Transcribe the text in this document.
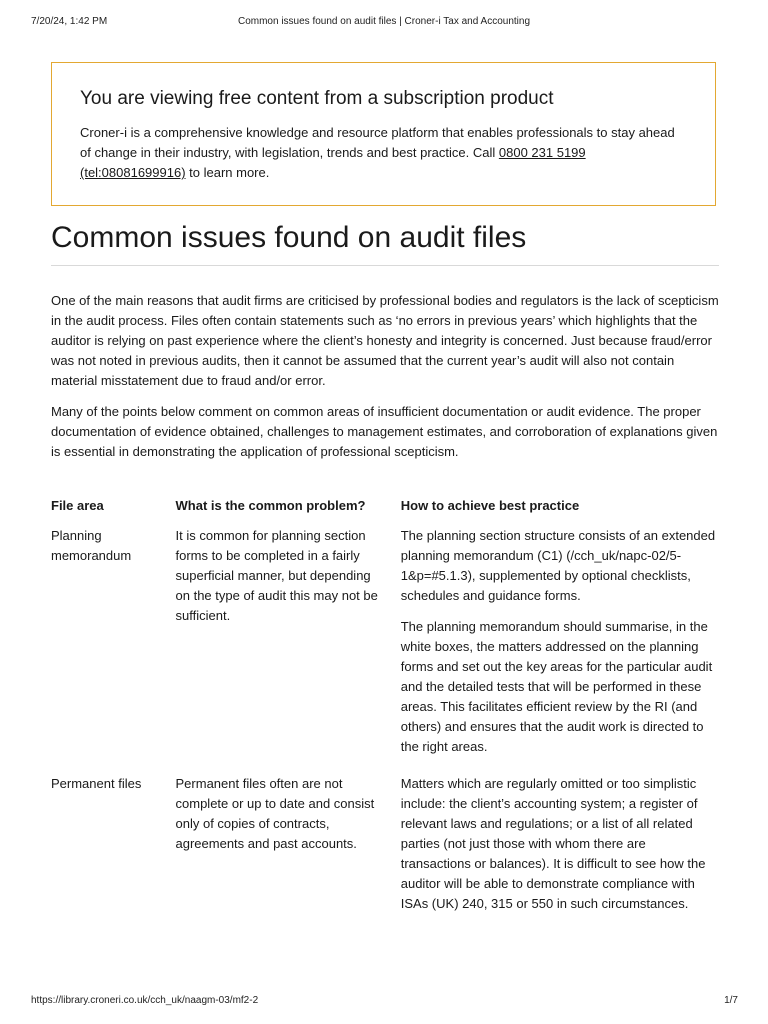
7/20/24, 1:42 PM	Common issues found on audit files | Croner-i Tax and Accounting
You are viewing free content from a subscription product

Croner-i is a comprehensive knowledge and resource platform that enables professionals to stay ahead of change in their industry, with legislation, trends and best practice. Call 0800 231 5199 (tel:08081699916) to learn more.

Common issues found on audit files

One of the main reasons that audit firms are criticised by professional bodies and regulators is the lack of scepticism in the audit process. Files often contain statements such as ‘no errors in previous years’ which highlights that the auditor is relying on past experience where the client’s honesty and integrity is concerned. Just because fraud/error was not noted in previous audits, then it cannot be assumed that the current year’s audit will also not contain material misstatement due to fraud and/or error.

Many of the points below comment on common areas of insufficient documentation or audit evidence. The proper documentation of evidence obtained, challenges to management estimates, and corroboration of explanations given is essential in demonstrating the application of professional scepticism.

File area	What is the common problem?	How to achieve best practice
Planning memorandum	It is common for planning section forms to be completed in a fairly superficial manner, but depending on the type of audit this may not be sufficient.	The planning section structure consists of an extended planning memorandum (C1) (/cch_uk/napc-02/5-1&p=#5.1.3), supplemented by optional checklists, schedules and guidance forms.

The planning memorandum should summarise, in the white boxes, the matters addressed on the planning forms and set out the key areas for the particular audit and the detailed tests that will be performed in these areas. This facilitates efficient review by the RI (and others) and ensures that the audit work is directed to the right areas.

Permanent files	Permanent files often are not complete or up to date and consist only of copies of contracts, agreements and past accounts.	Matters which are regularly omitted or too simplistic include: the client’s accounting system; a register of relevant laws and regulations; or a list of all related parties (not just those with whom there are transactions or balances). It is difficult to see how the auditor will be able to demonstrate compliance with ISAs (UK) 240, 315 or 550 in such circumstances.

https://library.croneri.co.uk/cch_uk/naagm-03/mf2-2	1/7
